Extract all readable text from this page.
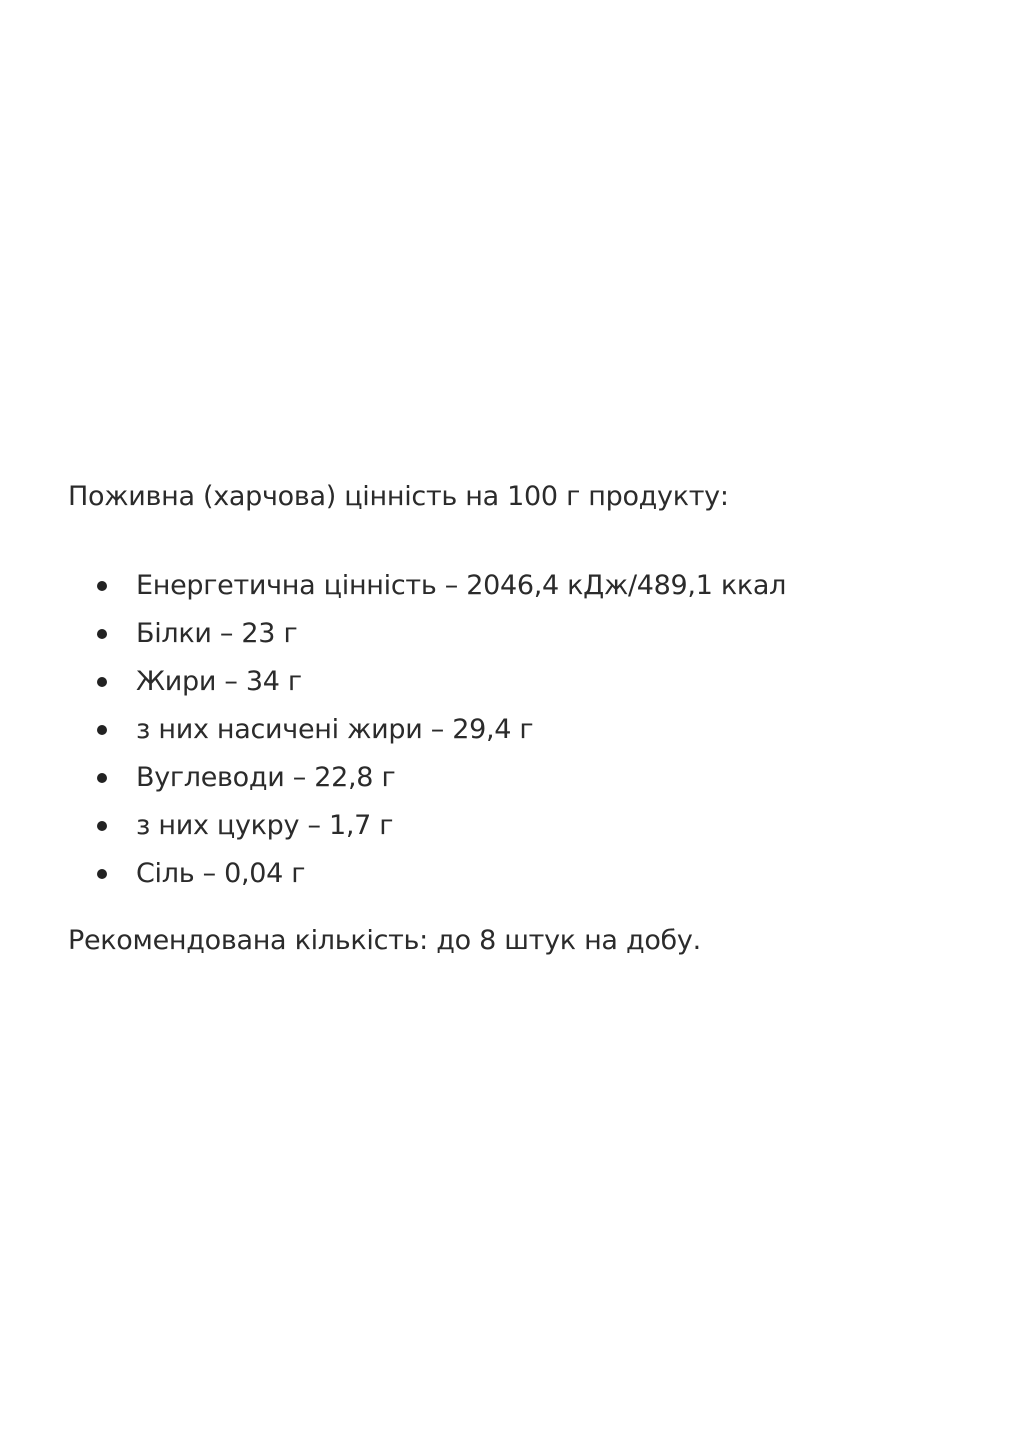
Поживна (харчова) цінність на 100 г продукту:

Енергетична цінність – 2046,4 кДж/489,1 ккал
Білки – 23 г
Жири – 34 г
з них насичені жири – 29,4 г
Вуглеводи – 22,8 г
з них цукру – 1,7 г
Сіль – 0,04 г

Рекомендована кількість: до 8 штук на добу.
